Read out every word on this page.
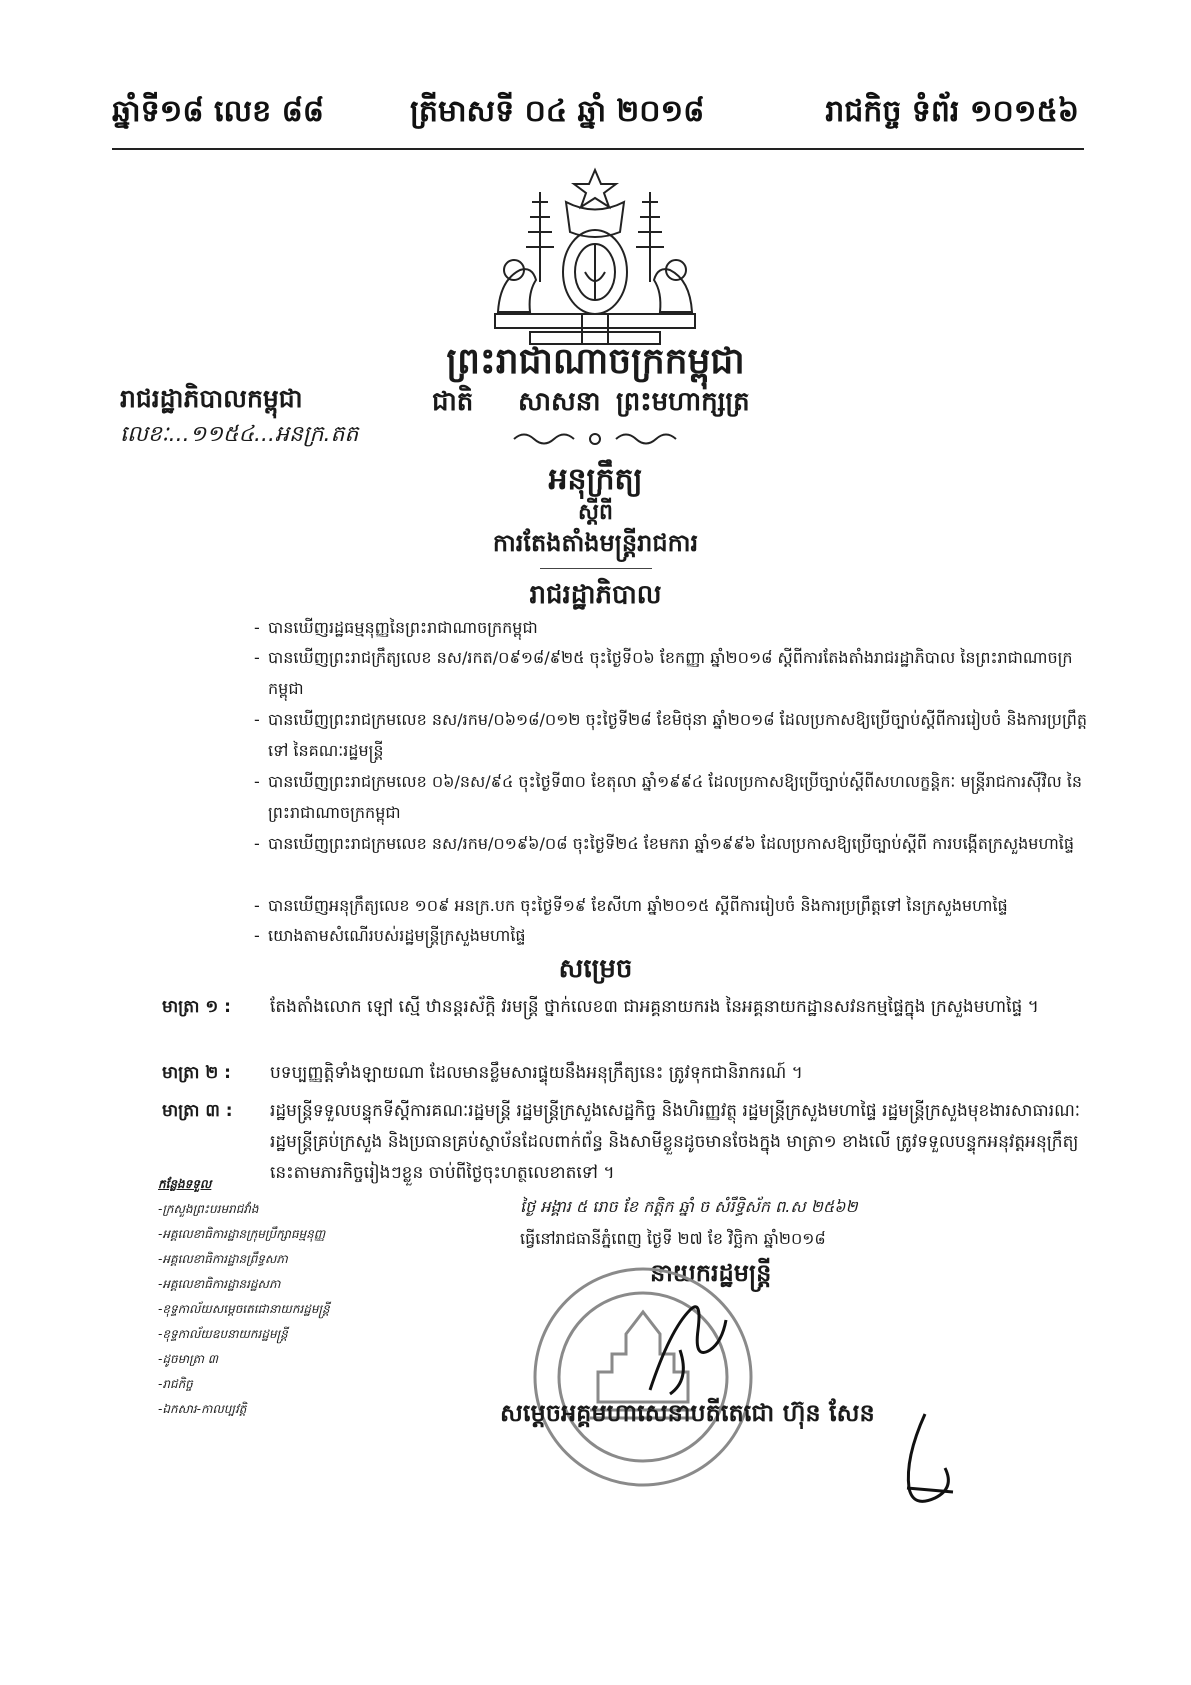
ឆ្នាំទី១៨ លេខ ៨៨	ត្រីមាសទី ០៤ ឆ្នាំ ២០១៨	រាជកិច្ច ទំព័រ ១០១៥៦
ព្រះរាជាណាចក្រកម្ពុជា
ជាតិ សាសនា ព្រះមហាក្សត្រ
រាជរដ្ឋាភិបាលកម្ពុជា
លេខៈ...១១៥៤...អនក្រ.តត
អនុក្រឹត្យ
ស្តីពី
ការតែងតាំងមន្ត្រីរាជការ
រាជរដ្ឋាភិបាល
- បានឃើញរដ្ឋធម្មនុញ្ញនៃព្រះរាជាណាចក្រកម្ពុជា
- បានឃើញព្រះរាជក្រឹត្យលេខ នស/រកត/០៩១៨/៩២៥ ចុះថ្ងៃទី០៦ ខែកញ្ញា ឆ្នាំ២០១៨ ស្តីពីការតែងតាំងរាជរដ្ឋាភិបាល នៃព្រះរាជាណាចក្រកម្ពុជា
- បានឃើញព្រះរាជក្រមលេខ នស/រកម/០៦១៨/០១២ ចុះថ្ងៃទី២៨ ខែមិថុនា ឆ្នាំ២០១៨ ដែលប្រកាសឱ្យប្រើច្បាប់ស្តីពីការរៀបចំ និងការប្រព្រឹត្តទៅ នៃគណៈរដ្ឋមន្ត្រី
- បានឃើញព្រះរាជក្រមលេខ ០៦/នស/៩៤ ចុះថ្ងៃទី៣០ ខែតុលា ឆ្នាំ១៩៩៤ ដែលប្រកាសឱ្យប្រើច្បាប់ស្តីពីសហលក្ខន្តិកៈ មន្ត្រីរាជការស៊ីវិល នៃព្រះរាជាណាចក្រកម្ពុជា
- បានឃើញព្រះរាជក្រមលេខ នស/រកម/០១៩៦/០៨ ចុះថ្ងៃទី២៤ ខែមករា ឆ្នាំ១៩៩៦ ដែលប្រកាសឱ្យប្រើច្បាប់ស្តីពី ការបង្កើតក្រសួងមហាផ្ទៃ
- បានឃើញអនុក្រឹត្យលេខ ១០៩ អនក្រ.បក ចុះថ្ងៃទី១៩ ខែសីហា ឆ្នាំ២០១៥ ស្តីពីការរៀបចំ និងការប្រព្រឹត្តទៅ នៃក្រសួងមហាផ្ទៃ
- យោងតាមសំណើរបស់រដ្ឋមន្ត្រីក្រសួងមហាផ្ទៃ
សម្រេច
មាត្រា ១ : តែងតាំងលោក ឡៅ ស្មើ ឋានន្តរស័ក្តិ វរមន្ត្រី ថ្នាក់លេខ៣ ជាអគ្គនាយករង នៃអគ្គនាយកដ្ឋានសវនកម្មផ្ទៃក្នុង ក្រសួងមហាផ្ទៃ ។
មាត្រា ២ : បទប្បញ្ញត្តិទាំងឡាយណា ដែលមានខ្លឹមសារផ្ទុយនឹងអនុក្រឹត្យនេះ ត្រូវទុកជានិរាករណ៍ ។
មាត្រា ៣ : រដ្ឋមន្ត្រីទទួលបន្ទុកទីស្តីការគណៈរដ្ឋមន្ត្រី រដ្ឋមន្ត្រីក្រសួងសេដ្ឋកិច្ច និងហិរញ្ញវត្ថុ រដ្ឋមន្ត្រីក្រសួងមហាផ្ទៃ រដ្ឋមន្ត្រីក្រសួងមុខងារសាធារណៈ រដ្ឋមន្ត្រីគ្រប់ក្រសួង និងប្រធានគ្រប់ស្ថាប័នដែលពាក់ព័ន្ធ និងសាមីខ្លួនដូចមានចែងក្នុង មាត្រា១ ខាងលើ ត្រូវទទួលបន្ទុកអនុវត្តអនុក្រឹត្យនេះតាមភារកិច្ចរៀងៗខ្លួន ចាប់ពីថ្ងៃចុះហត្ថលេខាតទៅ ។
ថ្ងៃ អង្គារ ៥ រោច ខែ កត្តិក ឆ្នាំ ច សំរឹទ្ធិស័ក ព.ស ២៥៦២
ធ្វើនៅរាជធានីភ្នំពេញ ថ្ងៃទី ២៧ ខែ វិច្ឆិកា ឆ្នាំ២០១៨
នាយករដ្ឋមន្ត្រី
សម្តេចអគ្គមហាសេនាបតីតេជោ ហ៊ុន សែន
កន្លែងទទួល
-ក្រសួងព្រះបរមរាជវាំង
-អគ្គលេខាធិការដ្ឋានក្រុមប្រឹក្សាធម្មនុញ្ញ
-អគ្គលេខាធិការដ្ឋានព្រឹទ្ធសភា
-អគ្គលេខាធិការដ្ឋានរដ្ឋសភា
-ខុទ្ទកាល័យសម្តេចតេជោនាយករដ្ឋមន្ត្រី
-ខុទ្ទកាល័យឧបនាយករដ្ឋមន្ត្រី
-ដូចមាត្រា ៣
-រាជកិច្ច
-ឯកសារ-កាលប្បវត្តិ
